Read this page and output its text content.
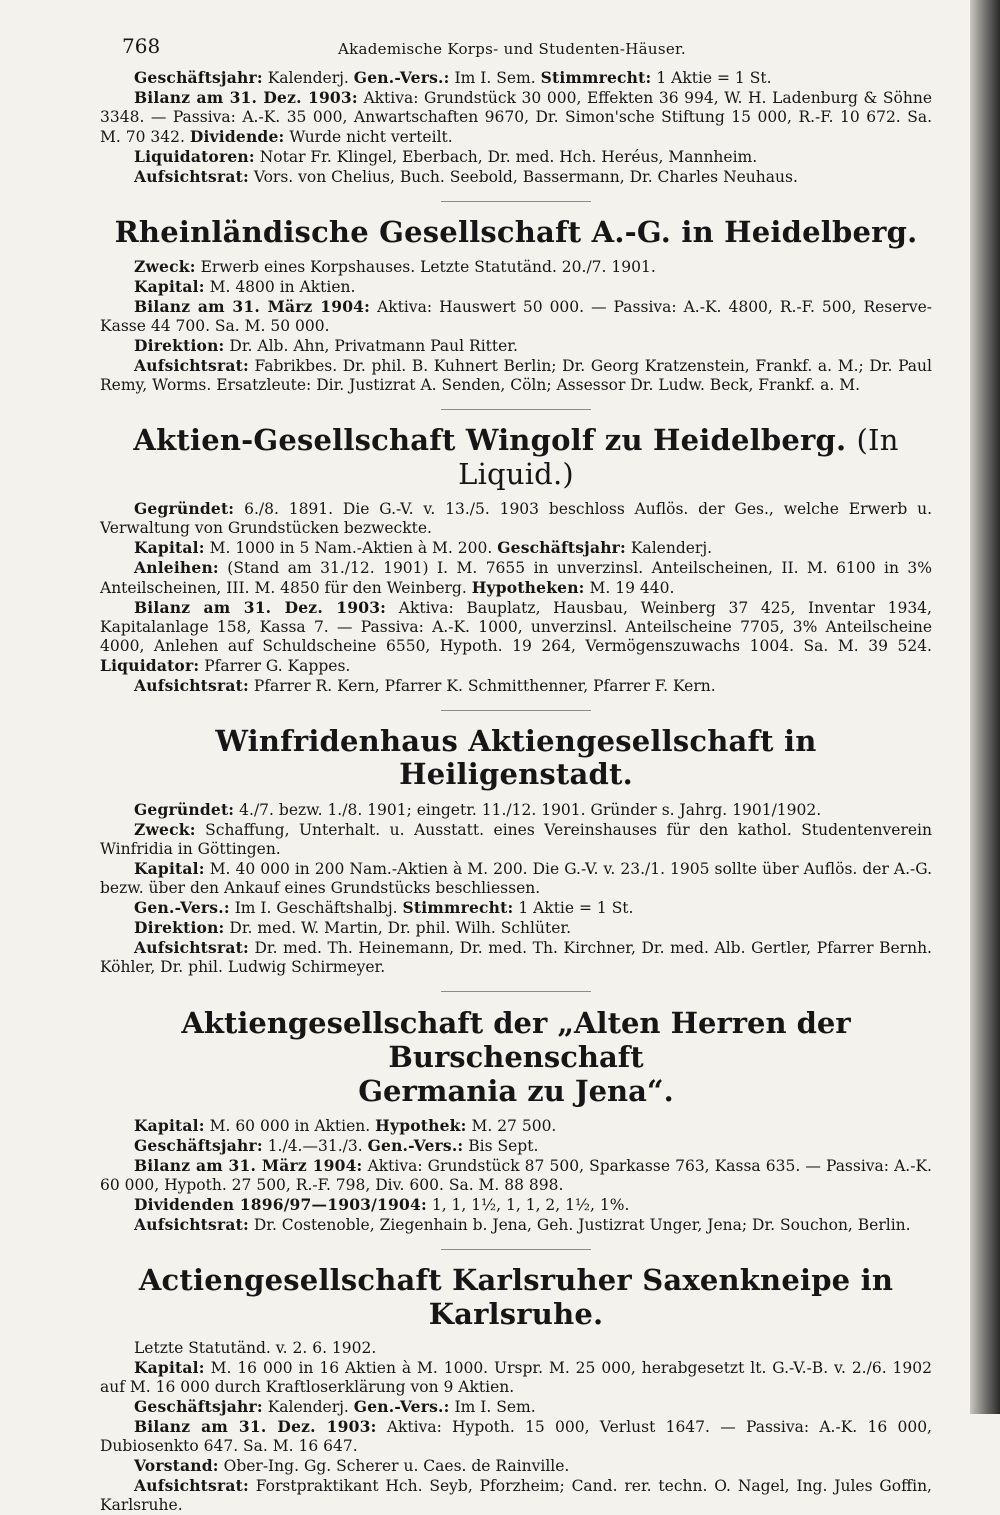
768	Akademische Korps- und Studenten-Häuser.

Geschäftsjahr: Kalenderj. Gen.-Vers.: Im I. Sem. Stimmrecht: 1 Aktie = 1 St.

Bilanz am 31. Dez. 1903: Aktiva: Grundstück 30 000, Effekten 36 994, W. H. Ladenburg & Söhne 3348. — Passiva: A.-K. 35 000, Anwartschaften 9670, Dr. Simon'sche Stiftung 15 000, R.-F. 10 672. Sa. M. 70 342. Dividende: Wurde nicht verteilt.

Liquidatoren: Notar Fr. Klingel, Eberbach, Dr. med. Hch. Heréus, Mannheim.

Aufsichtsrat: Vors. von Chelius, Buch. Seebold, Bassermann, Dr. Charles Neuhaus.

Rheinländische Gesellschaft A.-G. in Heidelberg.

Zweck: Erwerb eines Korpshauses. Letzte Statutänd. 20./7. 1901.

Kapital: M. 4800 in Aktien.

Bilanz am 31. März 1904: Aktiva: Hauswert 50 000. — Passiva: A.-K. 4800, R.-F. 500, Reserve-Kasse 44 700. Sa. M. 50 000.

Direktion: Dr. Alb. Ahn, Privatmann Paul Ritter.

Aufsichtsrat: Fabrikbes. Dr. phil. B. Kuhnert Berlin; Dr. Georg Kratzenstein, Frankf. a. M.; Dr. Paul Remy, Worms. Ersatzleute: Dir. Justizrat A. Senden, Cöln; Assessor Dr. Ludw. Beck, Frankf. a. M.

Aktien-Gesellschaft Wingolf zu Heidelberg. (In Liquid.)

Gegründet: 6./8. 1891. Die G.-V. v. 13./5. 1903 beschloss Auflös. der Ges., welche Erwerb u. Verwaltung von Grundstücken bezweckte.

Kapital: M. 1000 in 5 Nam.-Aktien à M. 200. Geschäftsjahr: Kalenderj.

Anleihen: (Stand am 31./12. 1901) I. M. 7655 in unverzinsl. Anteilscheinen, II. M. 6100 in 3% Anteilscheinen, III. M. 4850 für den Weinberg. Hypotheken: M. 19 440.

Bilanz am 31. Dez. 1903: Aktiva: Bauplatz, Hausbau, Weinberg 37 425, Inventar 1934, Kapitalanlage 158, Kassa 7. — Passiva: A.-K. 1000, unverzinsl. Anteilscheine 7705, 3% Anteilscheine 4000, Anlehen auf Schuldscheine 6550, Hypoth. 19 264, Vermögenszuwachs 1004. Sa. M. 39 524. Liquidator: Pfarrer G. Kappes.

Aufsichtsrat: Pfarrer R. Kern, Pfarrer K. Schmitthenner, Pfarrer F. Kern.

Winfridenhaus Aktiengesellschaft in Heiligenstadt.

Gegründet: 4./7. bezw. 1./8. 1901; eingetr. 11./12. 1901. Gründer s. Jahrg. 1901/1902.

Zweck: Schaffung, Unterhalt. u. Ausstatt. eines Vereinshauses für den kathol. Studentenverein Winfridia in Göttingen.

Kapital: M. 40 000 in 200 Nam.-Aktien à M. 200. Die G.-V. v. 23./1. 1905 sollte über Auflös. der A.-G. bezw. über den Ankauf eines Grundstücks beschliessen.

Gen.-Vers.: Im I. Geschäftshalbj. Stimmrecht: 1 Aktie = 1 St.

Direktion: Dr. med. W. Martin, Dr. phil. Wilh. Schlüter.

Aufsichtsrat: Dr. med. Th. Heinemann, Dr. med. Th. Kirchner, Dr. med. Alb. Gertler, Pfarrer Bernh. Köhler, Dr. phil. Ludwig Schirmeyer.

Aktiengesellschaft der „Alten Herren der Burschenschaft
Germania zu Jena“.

Kapital: M. 60 000 in Aktien. Hypothek: M. 27 500.

Geschäftsjahr: 1./4.—31./3. Gen.-Vers.: Bis Sept.

Bilanz am 31. März 1904: Aktiva: Grundstück 87 500, Sparkasse 763, Kassa 635. — Passiva: A.-K. 60 000, Hypoth. 27 500, R.-F. 798, Div. 600. Sa. M. 88 898.

Dividenden 1896/97—1903/1904: 1, 1, 1½, 1, 1, 2, 1½, 1%.

Aufsichtsrat: Dr. Costenoble, Ziegenhain b. Jena, Geh. Justizrat Unger, Jena; Dr. Souchon, Berlin.

Actiengesellschaft Karlsruher Saxenkneipe in Karlsruhe.

Letzte Statutänd. v. 2. 6. 1902.

Kapital: M. 16 000 in 16 Aktien à M. 1000. Urspr. M. 25 000, herabgesetzt lt. G.-V.-B. v. 2./6. 1902 auf M. 16 000 durch Kraftloserklärung von 9 Aktien.

Geschäftsjahr: Kalenderj. Gen.-Vers.: Im I. Sem.

Bilanz am 31. Dez. 1903: Aktiva: Hypoth. 15 000, Verlust 1647. — Passiva: A.-K. 16 000, Dubiosenkto 647. Sa. M. 16 647.

Vorstand: Ober-Ing. Gg. Scherer u. Caes. de Rainville.

Aufsichtsrat: Forstpraktikant Hch. Seyb, Pforzheim; Cand. rer. techn. O. Nagel, Ing. Jules Goffin, Karlsruhe.
